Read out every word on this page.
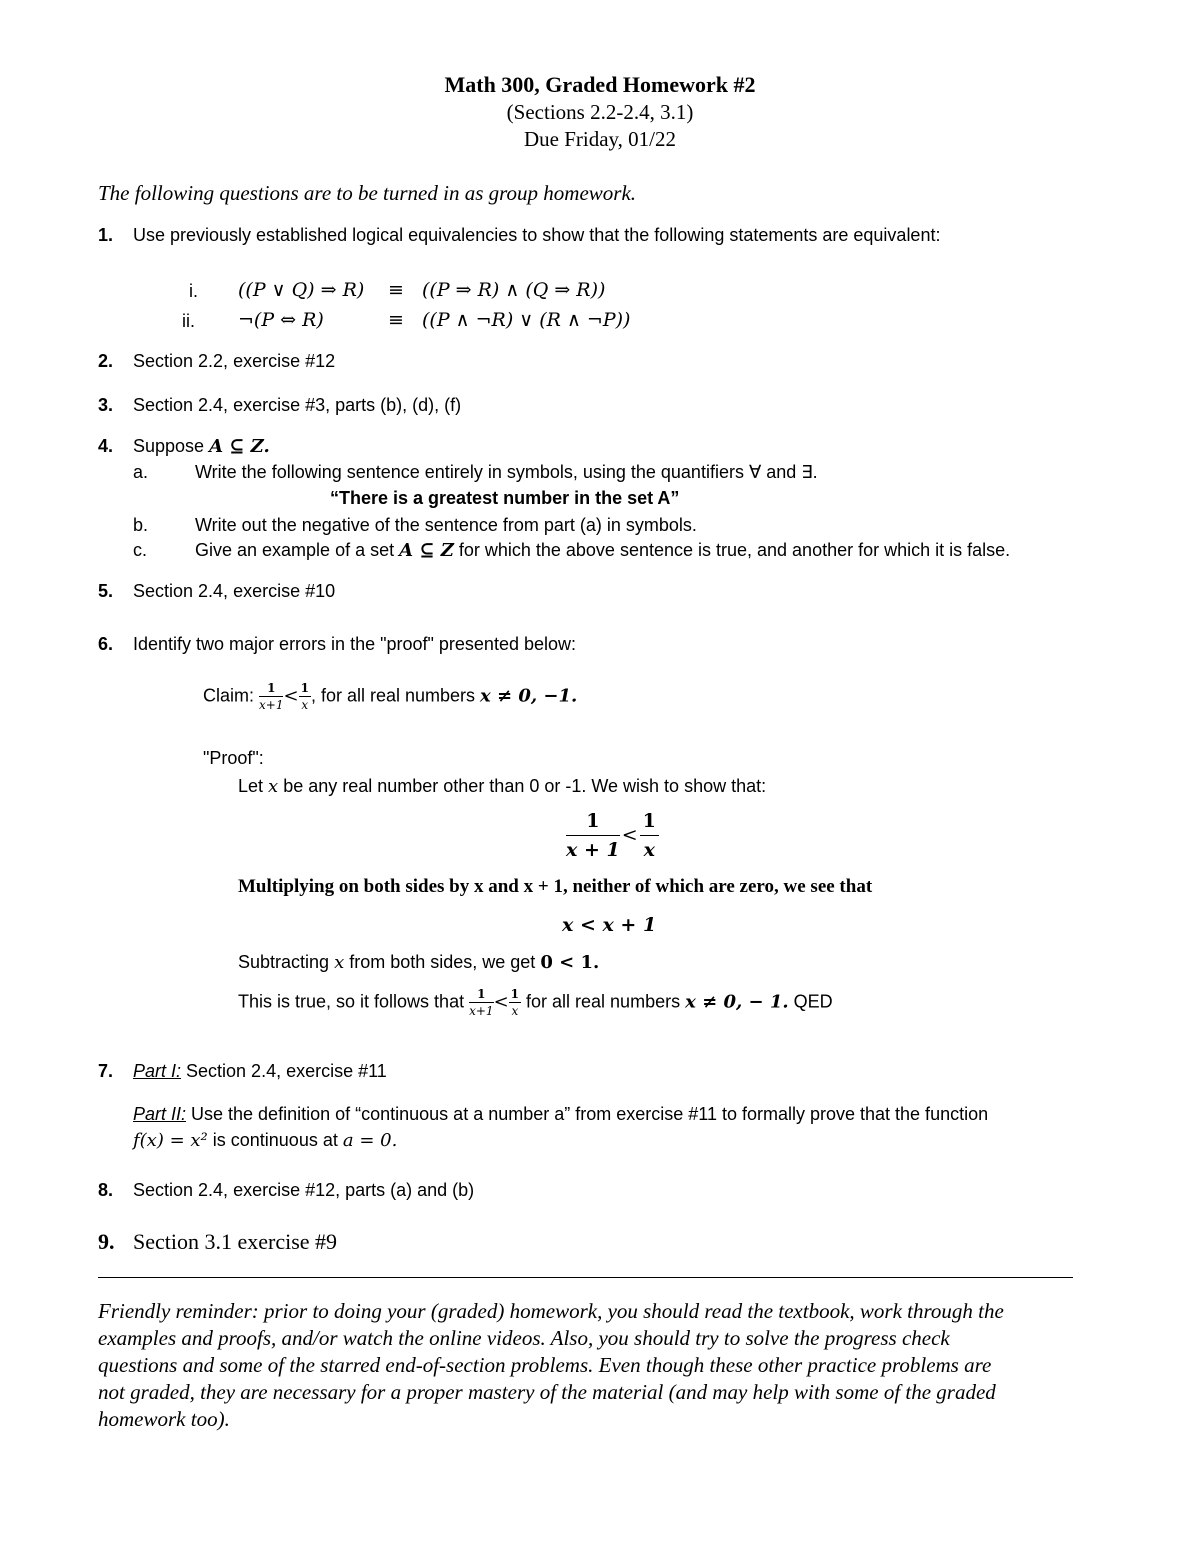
Math 300, Graded Homework #2
(Sections 2.2-2.4, 3.1)
Due Friday, 01/22
The following questions are to be turned in as group homework.
1. Use previously established logical equivalencies to show that the following statements are equivalent:
i. ((P ∨ Q) ⇒ R) ≡ ((P ⇒ R) ∧ (Q ⇒ R))
ii. ¬(P ⇔ R)	≡ ((P ∧ ¬R) ∨ (R ∧ ¬P))
2. Section 2.2, exercise #12
3. Section 2.4, exercise #3, parts (b), (d), (f)
4. Suppose A ⊆ Z.
a.	Write the following sentence entirely in symbols, using the quantifiers ∀ and ∃.
“There is a greatest number in the set A”
b.	Write out the negative of the sentence from part (a) in symbols.
c.	Give an example of a set A ⊆ Z for which the above sentence is true, and another for which it is false.
5. Section 2.4, exercise #10
6. Identify two major errors in the "proof" presented below:
Claim: $\frac{1}{x+1} < \frac{1}{x}$ , for all real numbers x ≠ 0, −1.
"Proof":
Let x be any real number other than 0 or -1. We wish to show that:
$\frac{1}{x + 1} < \frac{1}{x}$
Multiplying on both sides by x and x + 1, neither of which are zero, we see that
x < x + 1
Subtracting x from both sides, we get 0 < 1.
This is true, so it follows that $\frac{1}{x+1} < \frac{1}{x}$ for all real numbers x ≠ 0, − 1. QED
7. Part I: Section 2.4, exercise #11
Part II: Use the definition of “continuous at a number a” from exercise #11 to formally prove that the function
f(x) = x² is continuous at a = 0.
8. Section 2.4, exercise #12, parts (a) and (b)
9. Section 3.1 exercise #9
Friendly reminder: prior to doing your (graded) homework, you should read the textbook, work through the
examples and proofs, and/or watch the online videos. Also, you should try to solve the progress check
questions and some of the starred end-of-section problems. Even though these other practice problems are
not graded, they are necessary for a proper mastery of the material (and may help with some of the graded
homework too).
